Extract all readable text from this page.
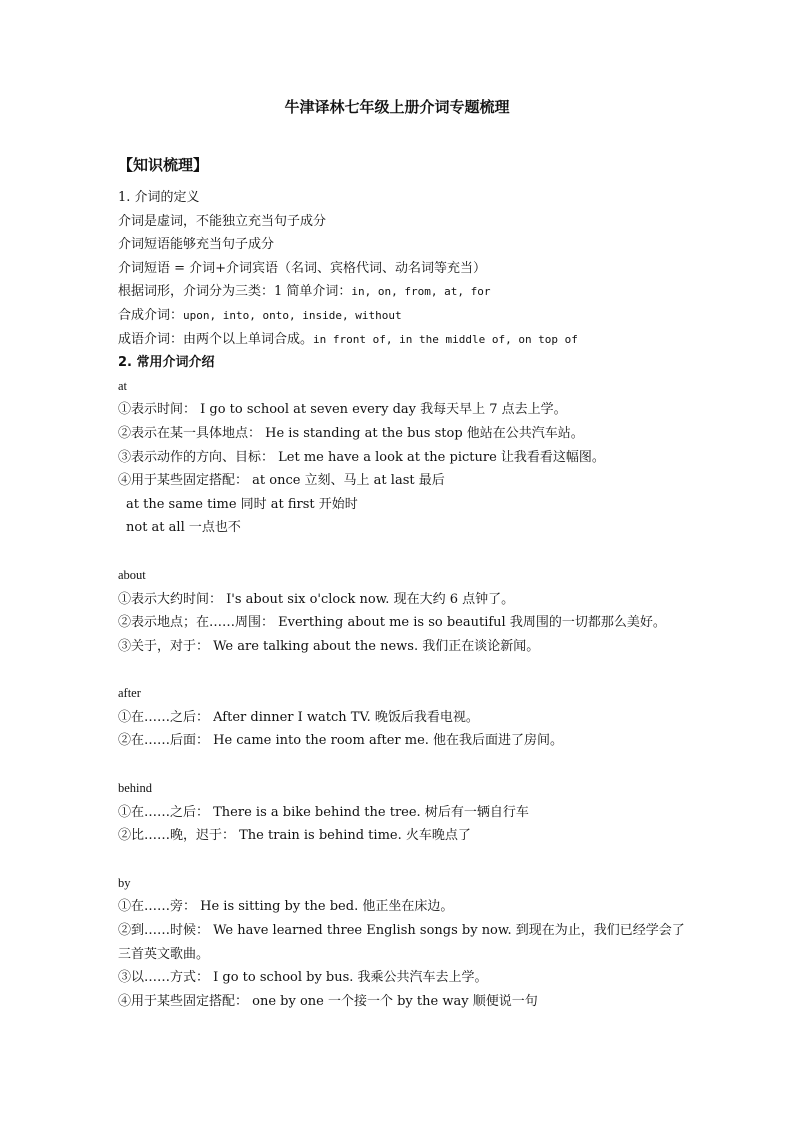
牛津译林七年级上册介词专题梳理
【知识梳理】
1. 介词的定义
介词是虚词，不能独立充当句子成分
介词短语能够充当句子成分
介词短语 = 介词+介词宾语（名词、宾格代词、动名词等充当）
根据词形，介词分为三类：1 简单介词：in, on, from, at, for
合成介词：upon, into, onto, inside, without
成语介词：由两个以上单词合成。in front of, in the middle of, on top of
2. 常用介词介绍
at
①表示时间： I go to school at seven every day 我每天早上 7 点去上学。
②表示在某一具体地点： He is standing at the bus stop 他站在公共汽车站。
③表示动作的方向、目标： Let me have a look at the picture 让我看看这幅图。
④用于某些固定搭配： at once 立刻、马上 at last 最后
at the same time 同时 at first 开始时
not at all 一点也不
about
①表示大约时间： I's about six o'clock now. 现在大约 6 点钟了。
②表示地点；在……周围： Everthing about me is so beautiful 我周围的一切都那么美好。
③关于，对于： We are talking about the news. 我们正在谈论新闻。
after
①在……之后： After dinner I watch TV. 晚饭后我看电视。
②在……后面： He came into the room after me. 他在我后面进了房间。
behind
①在……之后： There is a bike behind the tree. 树后有一辆自行车
②比……晚，迟于： The train is behind time. 火车晚点了
by
①在……旁： He is sitting by the bed. 他正坐在床边。
②到……时候： We have learned three English songs by now. 到现在为止，我们已经学会了三首英文歌曲。
③以……方式： I go to school by bus. 我乘公共汽车去上学。
④用于某些固定搭配： one by one 一个接一个 by the way 顺便说一句
